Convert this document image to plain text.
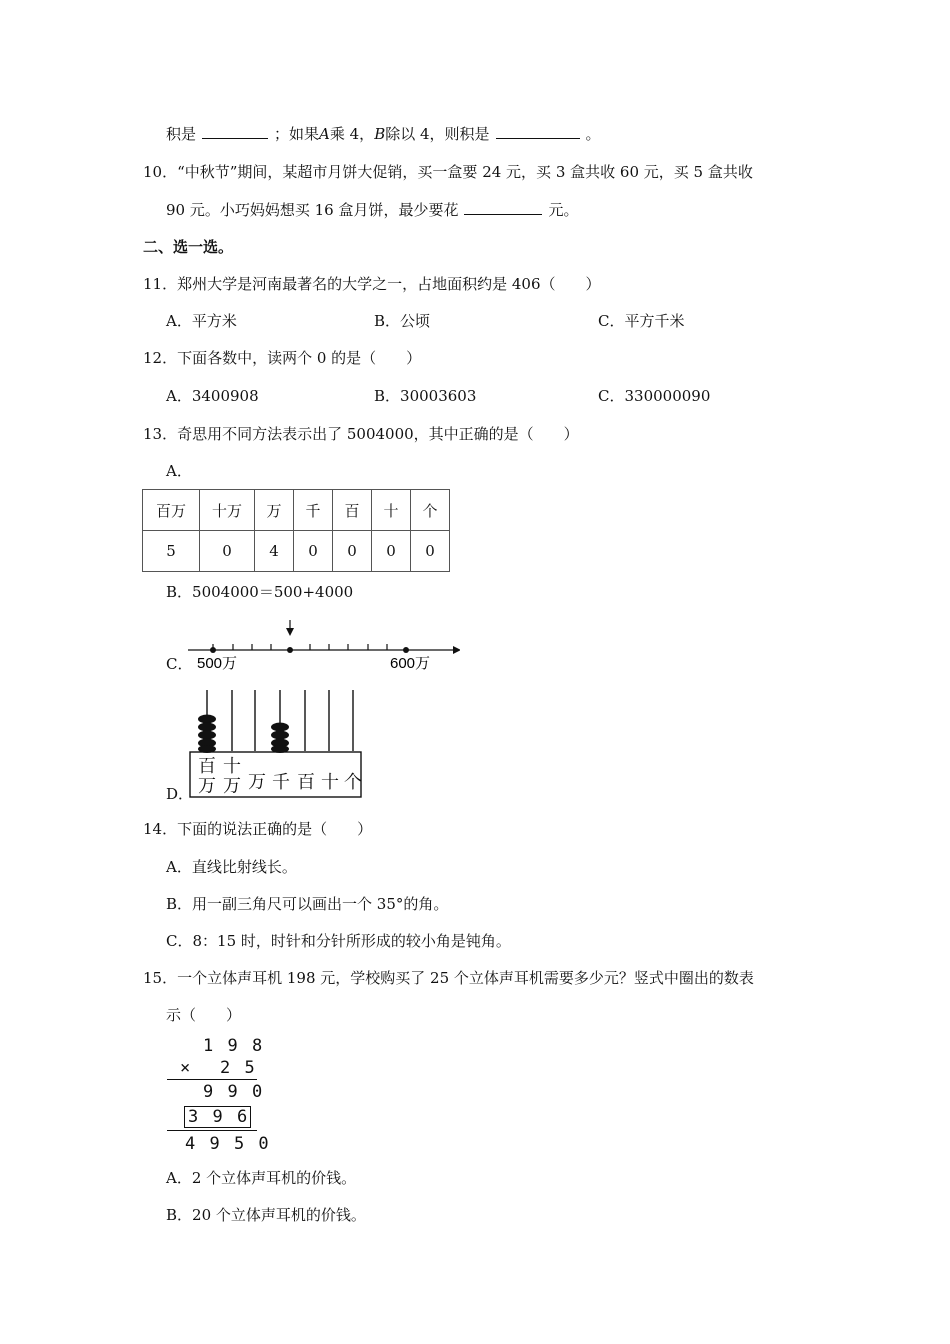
积是	；如果A乘 4，B除以 4，则积是	。
10．“中秋节”期间，某超市月饼大促销，买一盒要 24 元，买 3 盒共收 60 元，买 5 盒共收
90 元。小巧妈妈想买 16 盒月饼，最少要花	元。
二、选一选。
11．郑州大学是河南最著名的大学之一，占地面积约是 406（　　）
A．平方米	B．公顷	C．平方千米
12．下面各数中，读两个 0 的是（　　）
A．3400908	B．30003603	C．330000090
13．奇思用不同方法表示出了 5004000，其中正确的是（　　）
A．
百万	十万	万	千	百	十	个
5	0	4	0	0	0	0
B．5004000＝500+4000
C． 500万	600万
D．
百
万
十
万 万 千 百 十 个
14．下面的说法正确的是（　　）
A．直线比射线长。
B．用一副三角尺可以画出一个 35°的角。
C．8：15 时，时针和分针所形成的较小角是钝角。
15．一个立体声耳机 198 元，学校购买了 25 个立体声耳机需要多少元？竖式中圈出的数表
示（　　）
1 9 8
× 2 5
9 9 0
3 9 6
4 9 5 0
A．2 个立体声耳机的价钱。
B．20 个立体声耳机的价钱。
